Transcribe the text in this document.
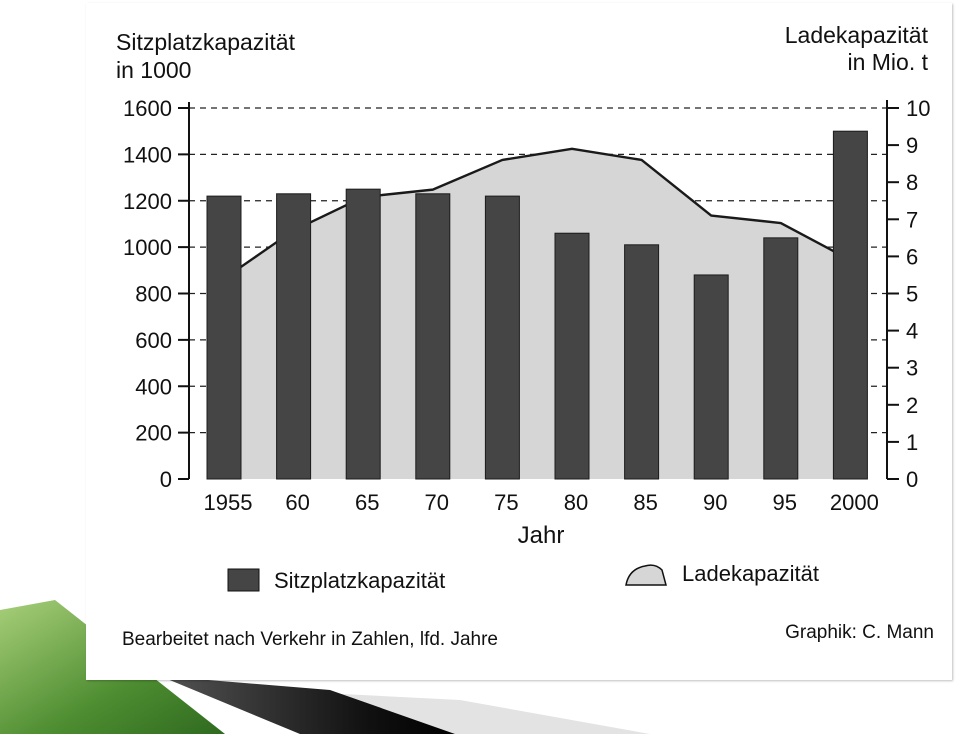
0
200
400
600
800
1000
1200
1400
1600
0
1
2
3
4
5
6
7
8
9
10
1955 60 65 70 75 80 85 90 95 2000
Sitzplatzkapazität
in 1000
Ladekapazität
in Mio. t
Jahr
Sitzplatzkapazität	Ladekapazität
Bearbeitet nach Verkehr in Zahlen, lfd. Jahre	Graphik: C. Mann
